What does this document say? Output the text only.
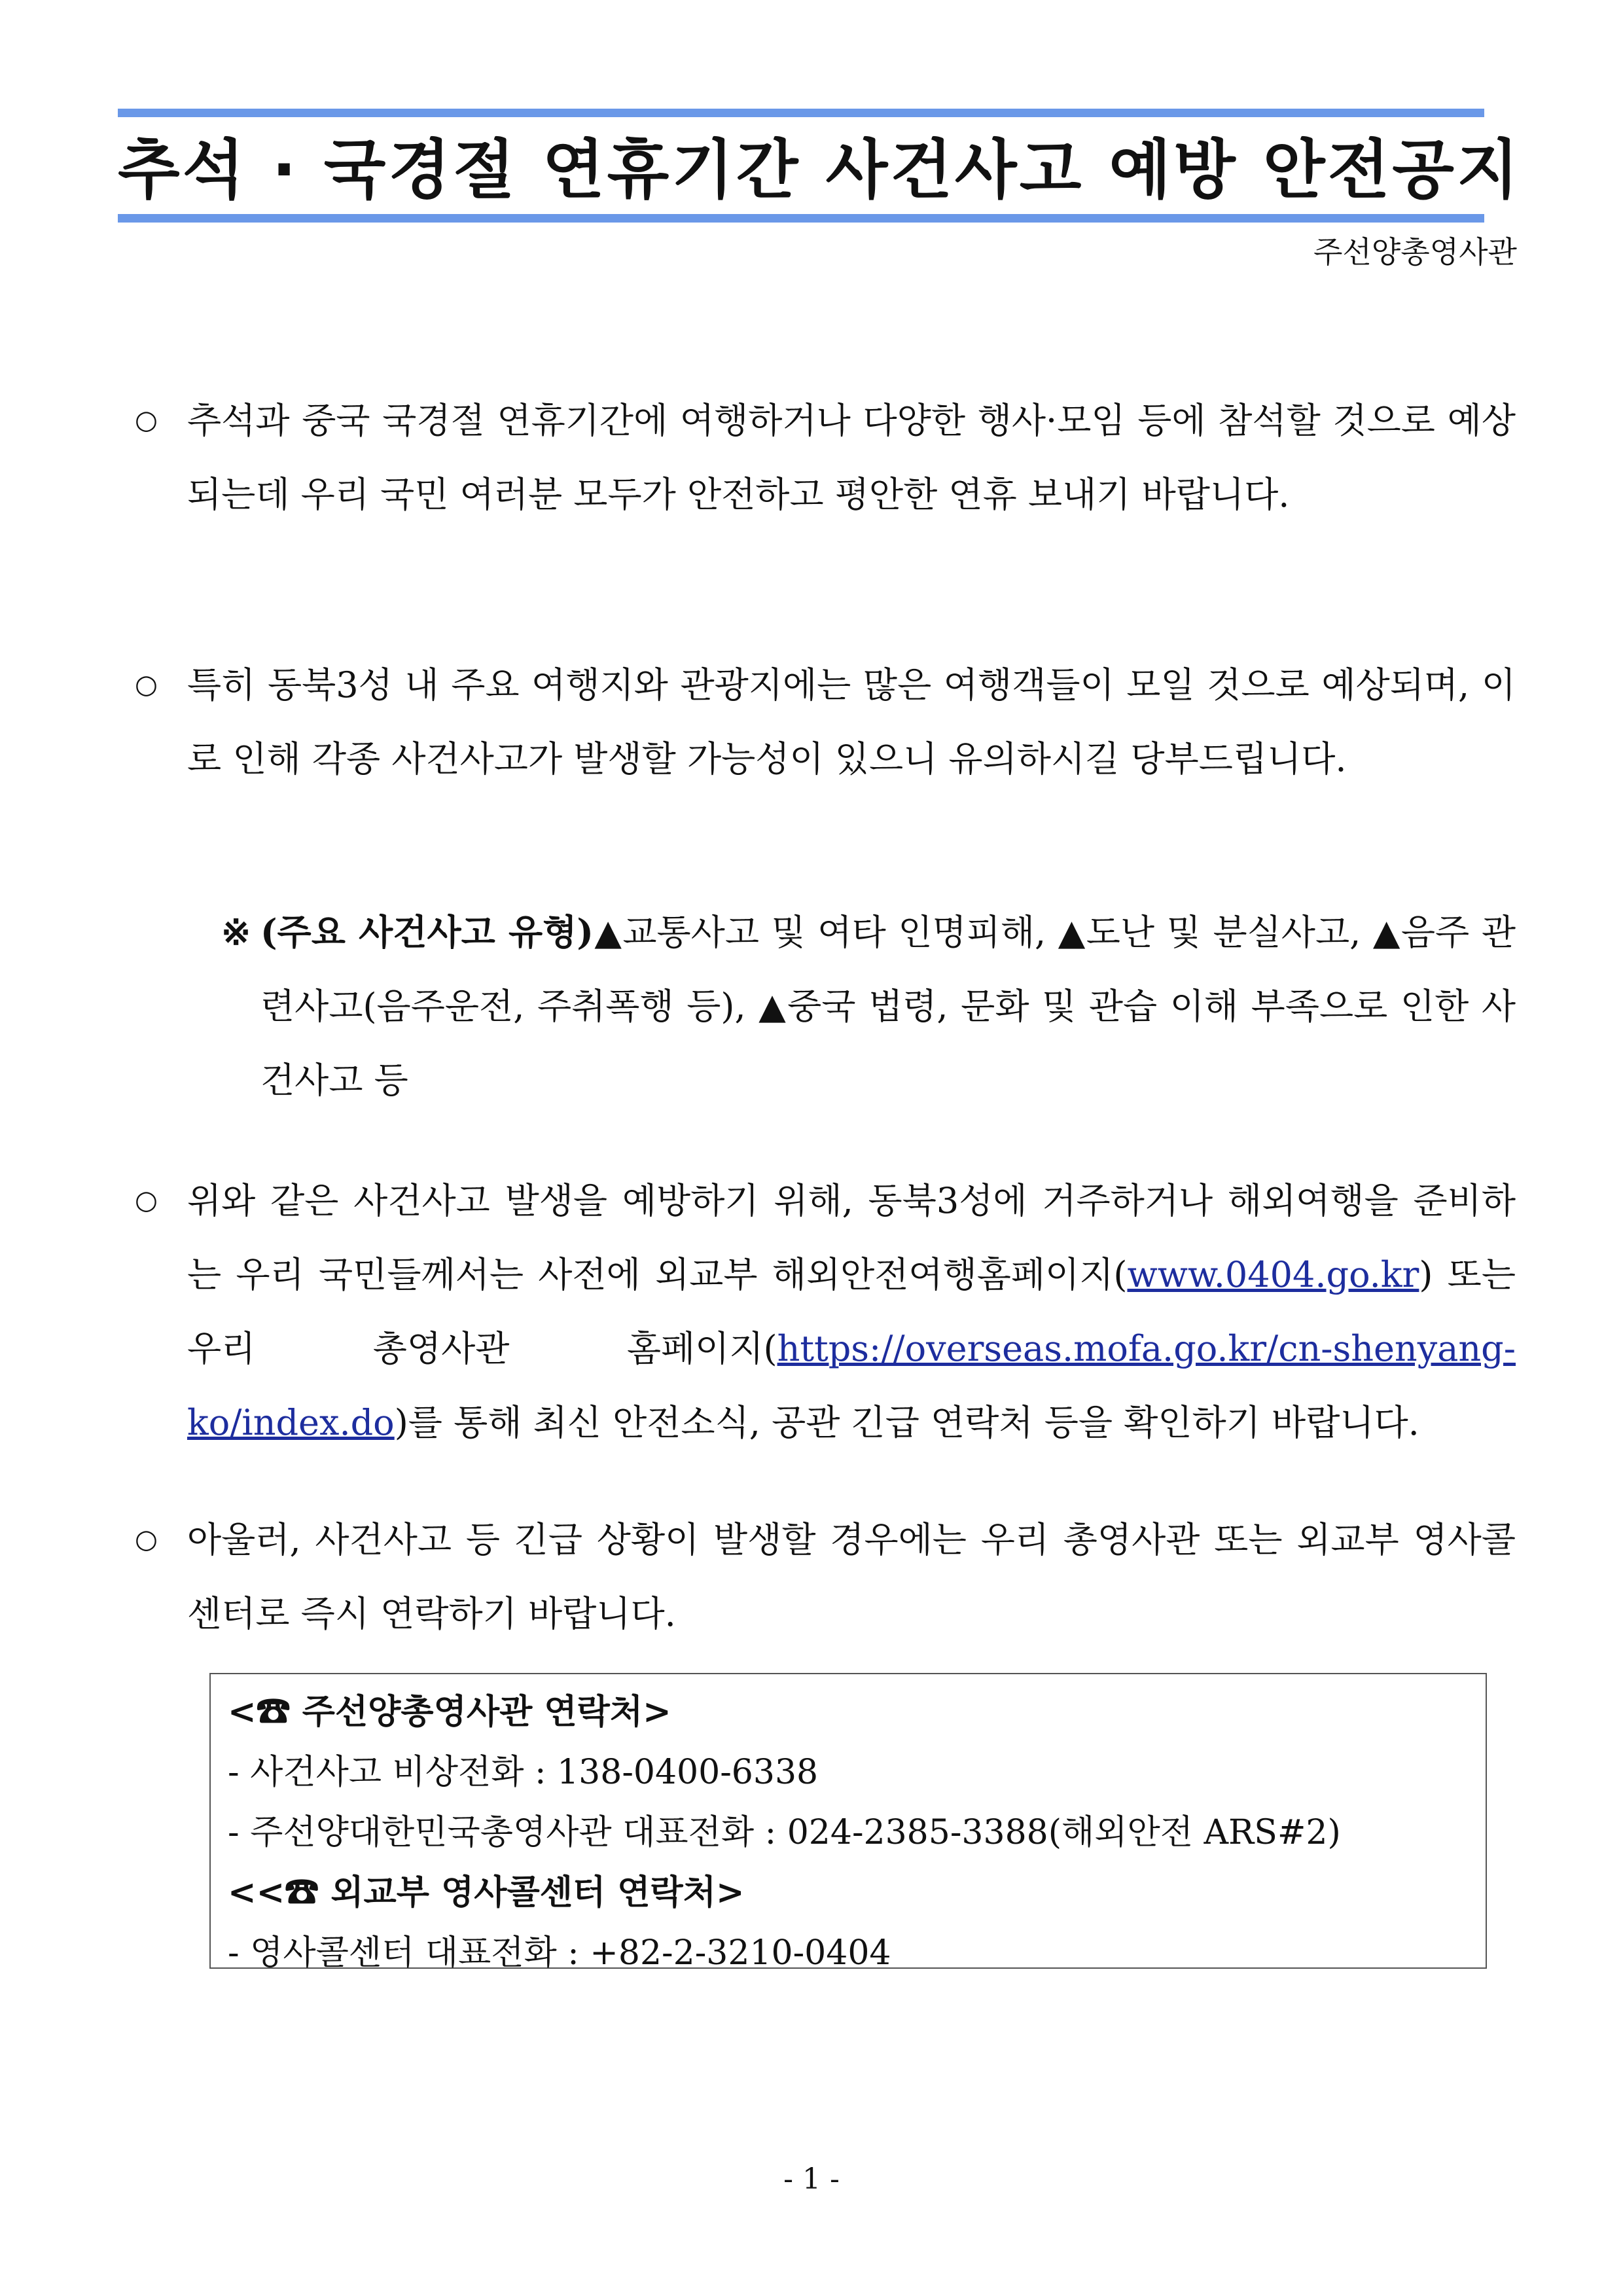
추석 · 국경절 연휴기간 사건사고 예방 안전공지
주선양총영사관
○ 추석과 중국 국경절 연휴기간에 여행하거나 다양한 행사·모임 등에 참석할 것으로 예상되는데 우리 국민 여러분 모두가 안전하고 평안한 연휴 보내기 바랍니다.
○ 특히 동북3성 내 주요 여행지와 관광지에는 많은 여행객들이 모일 것으로 예상되며, 이로 인해 각종 사건사고가 발생할 가능성이 있으니 유의하시길 당부드립니다.
※ (주요 사건사고 유형)▲교통사고 및 여타 인명피해, ▲도난 및 분실사고, ▲음주 관련사고(음주운전, 주취폭행 등), ▲중국 법령, 문화 및 관습 이해 부족으로 인한 사건사고 등
○ 위와 같은 사건사고 발생을 예방하기 위해, 동북3성에 거주하거나 해외여행을 준비하는 우리 국민들께서는 사전에 외교부 해외안전여행홈페이지(www.0404.go.kr) 또는 우리 총영사관 홈페이지(https://overseas.mofa.go.kr/cn-shenyang-ko/index.do)를 통해 최신 안전소식, 공관 긴급 연락처 등을 확인하기 바랍니다.
○ 아울러, 사건사고 등 긴급 상황이 발생할 경우에는 우리 총영사관 또는 외교부 영사콜센터로 즉시 연락하기 바랍니다.
<☎ 주선양총영사관 연락처>
- 사건사고 비상전화 : 138-0400-6338
- 주선양대한민국총영사관 대표전화 : 024-2385-3388(해외안전 ARS#2)
<<☎ 외교부 영사콜센터 연락처>
- 영사콜센터 대표전화 : +82-2-3210-0404
- 1 -
